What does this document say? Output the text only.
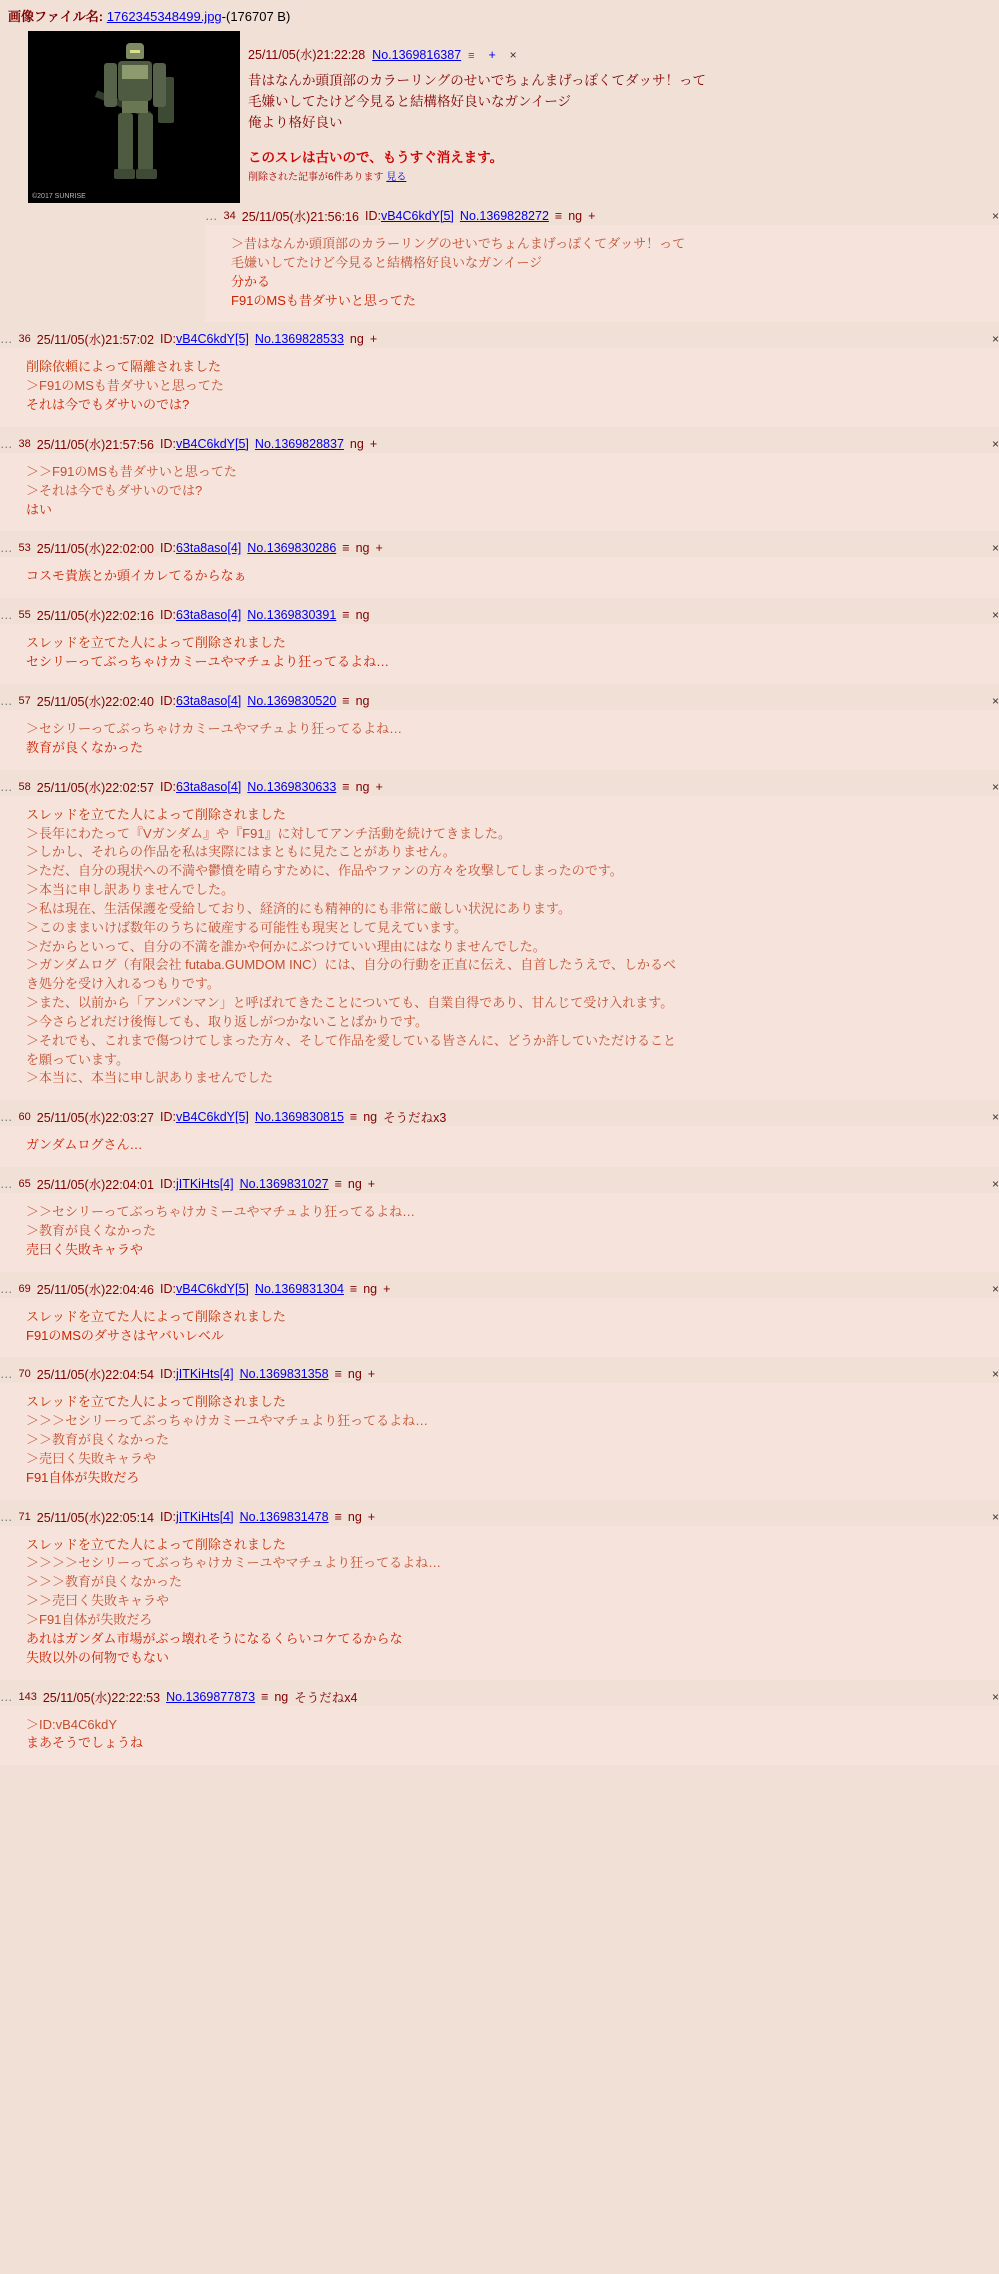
画像ファイル名: 1762345348499.jpg-(176707 B)
©2017 SUNRISE
25/11/05(水)21:22:28 No.1369816387 ≡ + ×
昔はなんか頭頂部のカラーリングのせいでちょんまげっぽくてダッサ！って
毛嫌いしてたけど今見ると結構格好良いなガンイージ
俺より格好良い
このスレは古いので、もうすぐ消えます。
削除された記事が6件あります 見る
… 34 25/11/05(水)21:56:16 ID:vB4C6kdY[5] No.1369828272 ≡ ng +	×
＞昔はなんか頭頂部のカラーリングのせいでちょんまげっぽくてダッサ！って
毛嫌いしてたけど今見ると結構格好良いなガンイージ
分かる
F91のMSも昔ダサいと思ってた
… 36 25/11/05(水)21:57:02 ID:vB4C6kdY[5] No.1369828533 ng +	×
削除依頼によって隔離されました
＞F91のMSも昔ダサいと思ってた
それは今でもダサいのでは?
… 38 25/11/05(水)21:57:56 ID:vB4C6kdY[5] No.1369828837 ng +	×
＞＞F91のMSも昔ダサいと思ってた
＞それは今でもダサいのでは?
はい
… 53 25/11/05(水)22:02:00 ID:63ta8aso[4] No.1369830286 ≡ ng +	×
コスモ貴族とか頭イカレてるからなぁ
… 55 25/11/05(水)22:02:16 ID:63ta8aso[4] No.1369830391 ≡ ng	×
スレッドを立てた人によって削除されました
セシリーってぶっちゃけカミーユやマチュより狂ってるよね…
… 57 25/11/05(水)22:02:40 ID:63ta8aso[4] No.1369830520 ≡ ng	×
＞セシリーってぶっちゃけカミーユやマチュより狂ってるよね…
教育が良くなかった
… 58 25/11/05(水)22:02:57 ID:63ta8aso[4] No.1369830633 ≡ ng +	×
スレッドを立てた人によって削除されました
＞長年にわたって『Vガンダム』や『F91』に対してアンチ活動を続けてきました。
＞しかし、それらの作品を私は実際にはまともに見たことがありません。
＞ただ、自分の現状への不満や鬱憤を晴らすために、作品やファンの方々を攻撃してしまったのです。
＞本当に申し訳ありませんでした。
＞私は現在、生活保護を受給しており、経済的にも精神的にも非常に厳しい状況にあります。
＞このままいけば数年のうちに破産する可能性も現実として見えています。
＞だからといって、自分の不満を誰かや何かにぶつけていい理由にはなりませんでした。
＞ガンダムログ（有限会社 futaba.GUMDOM INC）には、自分の行動を正直に伝え、自首したうえで、しかるべ
き処分を受け入れるつもりです。
＞また、以前から「アンパンマン」と呼ばれてきたことについても、自業自得であり、甘んじて受け入れます。
＞今さらどれだけ後悔しても、取り返しがつかないことばかりです。
＞それでも、これまで傷つけてしまった方々、そして作品を愛している皆さんに、どうか許していただけること
を願っています。
＞本当に、本当に申し訳ありませんでした
… 60 25/11/05(水)22:03:27 ID:vB4C6kdY[5] No.1369830815 ≡ ng そうだねx3	×
ガンダムログさん…
… 65 25/11/05(水)22:04:01 ID:jITKiHts[4] No.1369831027 ≡ ng +	×
＞＞セシリーってぶっちゃけカミーユやマチュより狂ってるよね…
＞教育が良くなかった
売曰く失敗キャラや
… 69 25/11/05(水)22:04:46 ID:vB4C6kdY[5] No.1369831304 ≡ ng +	×
スレッドを立てた人によって削除されました
F91のMSのダサさはヤバいレベル
… 70 25/11/05(水)22:04:54 ID:jITKiHts[4] No.1369831358 ≡ ng +	×
スレッドを立てた人によって削除されました
＞＞＞セシリーってぶっちゃけカミーユやマチュより狂ってるよね…
＞＞教育が良くなかった
＞売曰く失敗キャラや
F91自体が失敗だろ
… 71 25/11/05(水)22:05:14 ID:jITKiHts[4] No.1369831478 ≡ ng +	×
スレッドを立てた人によって削除されました
＞＞＞＞セシリーってぶっちゃけカミーユやマチュより狂ってるよね…
＞＞＞教育が良くなかった
＞＞売曰く失敗キャラや
＞F91自体が失敗だろ
あれはガンダム市場がぶっ壊れそうになるくらいコケてるからな
失敗以外の何物でもない
… 143 25/11/05(水)22:22:53 No.1369877873 ≡ ng そうだねx4	×
＞ID:vB4C6kdY
まあそうでしょうね
